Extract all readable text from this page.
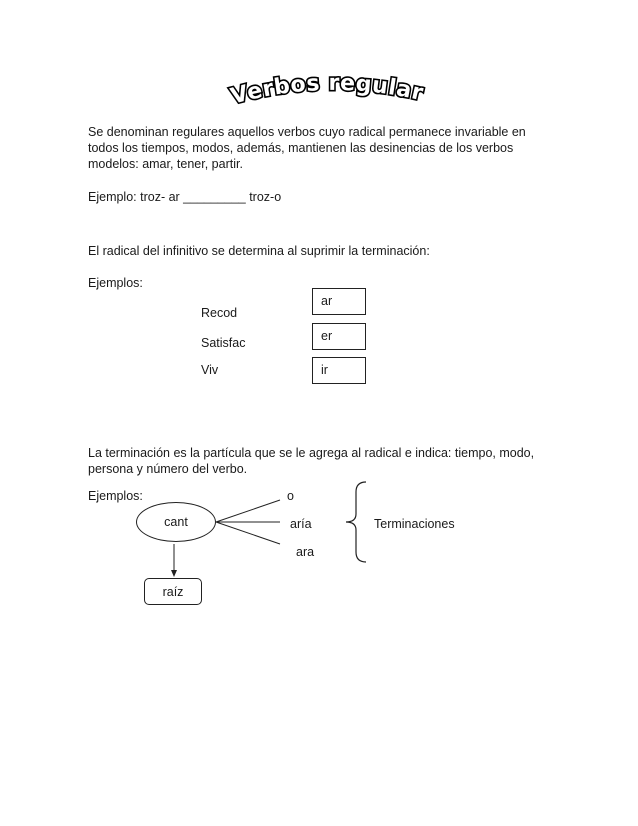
Verbos regulares
Se denominan regulares aquellos verbos cuyo radical permanece invariable en todos los tiempos, modos, además, mantienen las desinencias de los verbos modelos: amar, tener, partir.
Ejemplo: troz- ar _________ troz-o
El radical del infinitivo se determina al suprimir la terminación:
Ejemplos:
Recod
ar
Satisfac	er
Viv	ir
La terminación es la partícula que se le agrega al radical e indica: tiempo, modo, persona y número del verbo.
Ejemplos:
cant
o
aría
ara
Terminaciones
raíz
